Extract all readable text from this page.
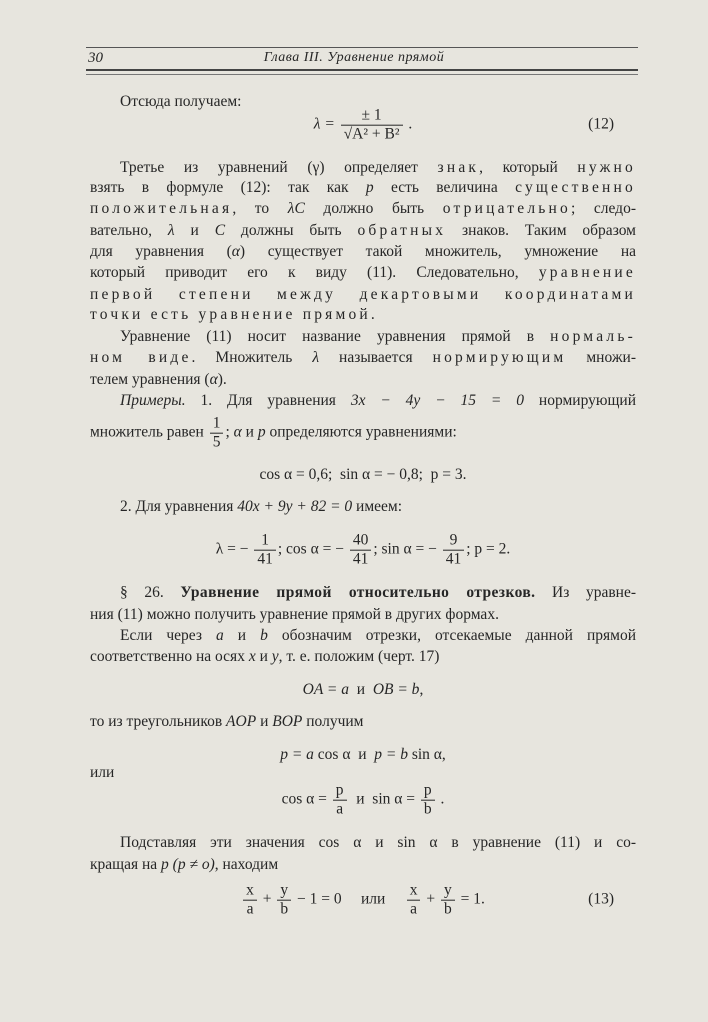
30	Глава III. Уравнение прямой
Отсюда получаем:
$\lambda = \frac{\pm 1}{\text{√A² + B²}}$ .	(12)
Третье из уравнений (γ) определяет знак, который нужно
взять в формуле (12): так как p есть величина существенно
положительная, то λC должно быть отрицательно; следо-
вательно, λ и C должны быть обратных знаков. Таким образом
для уравнения (α) существует такой множитель, умножение на
который приводит его к виду (11). Следовательно, уравнение
первой степени между декартовыми координатами
точки есть уравнение прямой.
Уравнение (11) носит название уравнения прямой в нормаль-
ном виде. Множитель λ называется нормирующим множи-
телем уравнения (α).
Примеры. 1. Для уравнения 3x − 4y − 15 = 0 нормирующий
множитель равен $\frac{1}{5}$ ; α и p определяются уравнениями:
cos α = 0,6;  sin α = − 0,8;  p = 3.
2. Для уравнения 40x + 9y + 82 = 0 имеем:
λ = − $\frac{1}{41}$ ; cos α = − $\frac{40}{41}$ ; sin α = − $\frac{9}{41}$ ; p = 2.
§ 26. Уравнение прямой относительно отрезков. Из уравне-
ния (11) можно получить уравнение прямой в других формах.
Если через a и b обозначим отрезки, отсекаемые данной прямой
соответственно на осях x и y, т. е. положим (черт. 17)
OA = a  и  OB = b,
то из треугольников AOP и BOP получим
p = a cos α  и  p = b sin α,
или
$\cos \alpha = \frac{p}{a}$ и  $\sin \alpha = \frac{p}{b}$ .
Подставляя эти значения cos α и sin α в уравнение (11) и со-
кращая на p (p ≠ o), находим
$\frac{x}{a} + \frac{y}{b} - 1 = 0$     или $\frac{x}{a} + \frac{y}{b} = 1$.	(13)
